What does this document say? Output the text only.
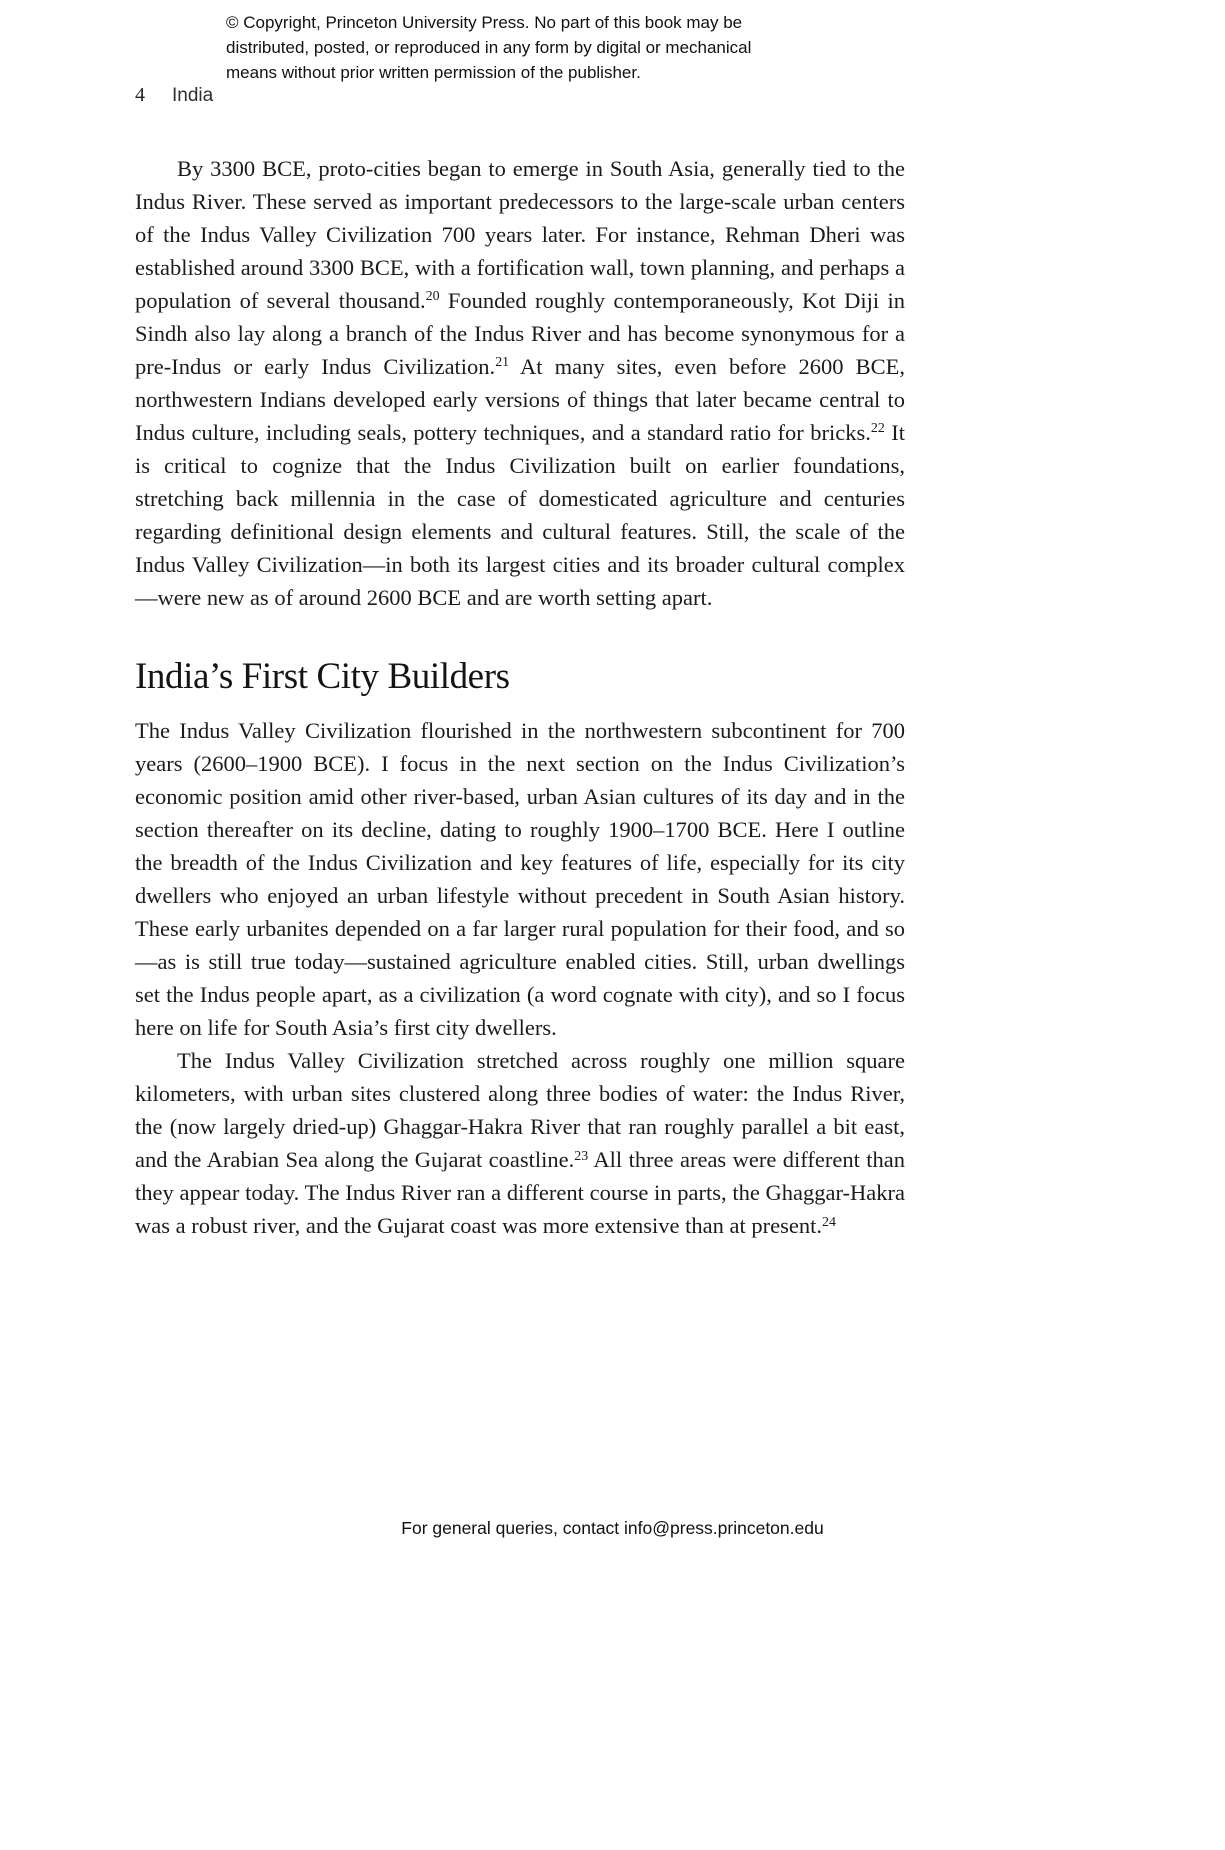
© Copyright, Princeton University Press. No part of this book may be
distributed, posted, or reproduced in any form by digital or mechanical
means without prior written permission of the publisher.
4 India

By 3300 BCE, proto-cities began to emerge in South Asia, generally tied to the Indus River. These served as important predecessors to the large-scale urban centers of the Indus Valley Civilization 700 years later. For instance, Rehman Dheri was established around 3300 BCE, with a fortification wall, town planning, and perhaps a population of several thousand.$^{20}$ Founded roughly contemporaneously, Kot Diji in Sindh also lay along a branch of the Indus River and has become synonymous for a pre-Indus or early Indus Civilization.$^{21}$ At many sites, even before 2600 BCE, northwestern Indians developed early versions of things that later became central to Indus culture, including seals, pottery techniques, and a standard ratio for bricks.$^{22}$ It is critical to cognize that the Indus Civilization built on earlier foundations, stretching back millennia in the case of domesticated agriculture and centuries regarding definitional design elements and cultural features. Still, the scale of the Indus Valley Civilization—in both its largest cities and its broader cultural complex—were new as of around 2600 BCE and are worth setting apart.

India’s First City Builders

The Indus Valley Civilization flourished in the northwestern subcontinent for 700 years (2600–1900 BCE). I focus in the next section on the Indus Civilization’s economic position amid other river-based, urban Asian cultures of its day and in the section thereafter on its decline, dating to roughly 1900–1700 BCE. Here I outline the breadth of the Indus Civilization and key features of life, especially for its city dwellers who enjoyed an urban lifestyle without precedent in South Asian history. These early urbanites depended on a far larger rural population for their food, and so—as is still true today—sustained agriculture enabled cities. Still, urban dwellings set the Indus people apart, as a civilization (a word cognate with city), and so I focus here on life for South Asia’s first city dwellers.

The Indus Valley Civilization stretched across roughly one million square kilometers, with urban sites clustered along three bodies of water: the Indus River, the (now largely dried-up) Ghaggar-Hakra River that ran roughly parallel a bit east, and the Arabian Sea along the Gujarat coastline.$^{23}$ All three areas were different than they appear today. The Indus River ran a different course in parts, the Ghaggar-Hakra was a robust river, and the Gujarat coast was more extensive than at present.$^{24}$

For general queries, contact info@press.princeton.edu
